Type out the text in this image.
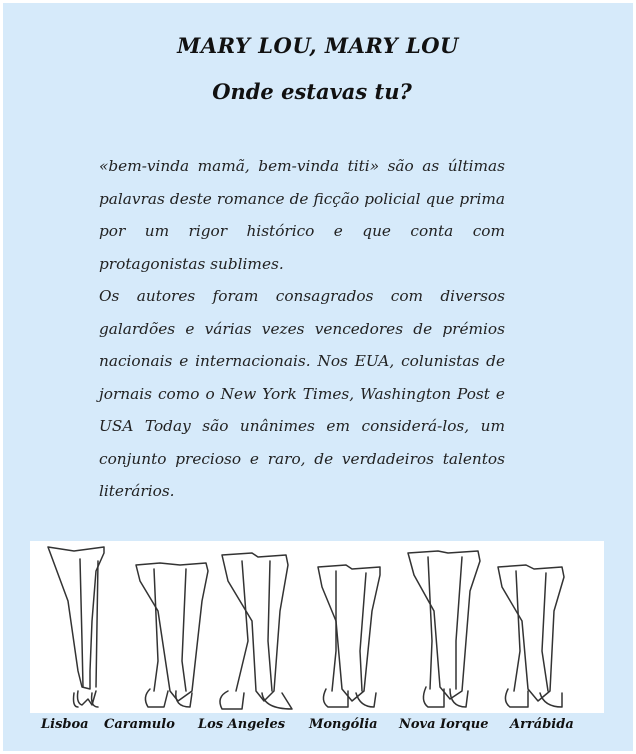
MARY LOU, MARY LOU
Onde estavas tu?

«bem-vinda mamã, bem-vinda titi» são as últimas palavras deste romance de ficção policial que prima por um rigor histórico e que conta com protagonistas sublimes.

Os autores foram consagrados com diversos galardões e várias vezes vencedores de prémios nacionais e internacionais. Nos EUA, colunistas de jornais como o New York Times, Washington Post e USA Today são unânimes em considerá-los, um conjunto precioso e raro, de verdadeiros talentos literários.

Lisboa Caramulo Los Angeles Mongólia Nova Iorque Arrábida
